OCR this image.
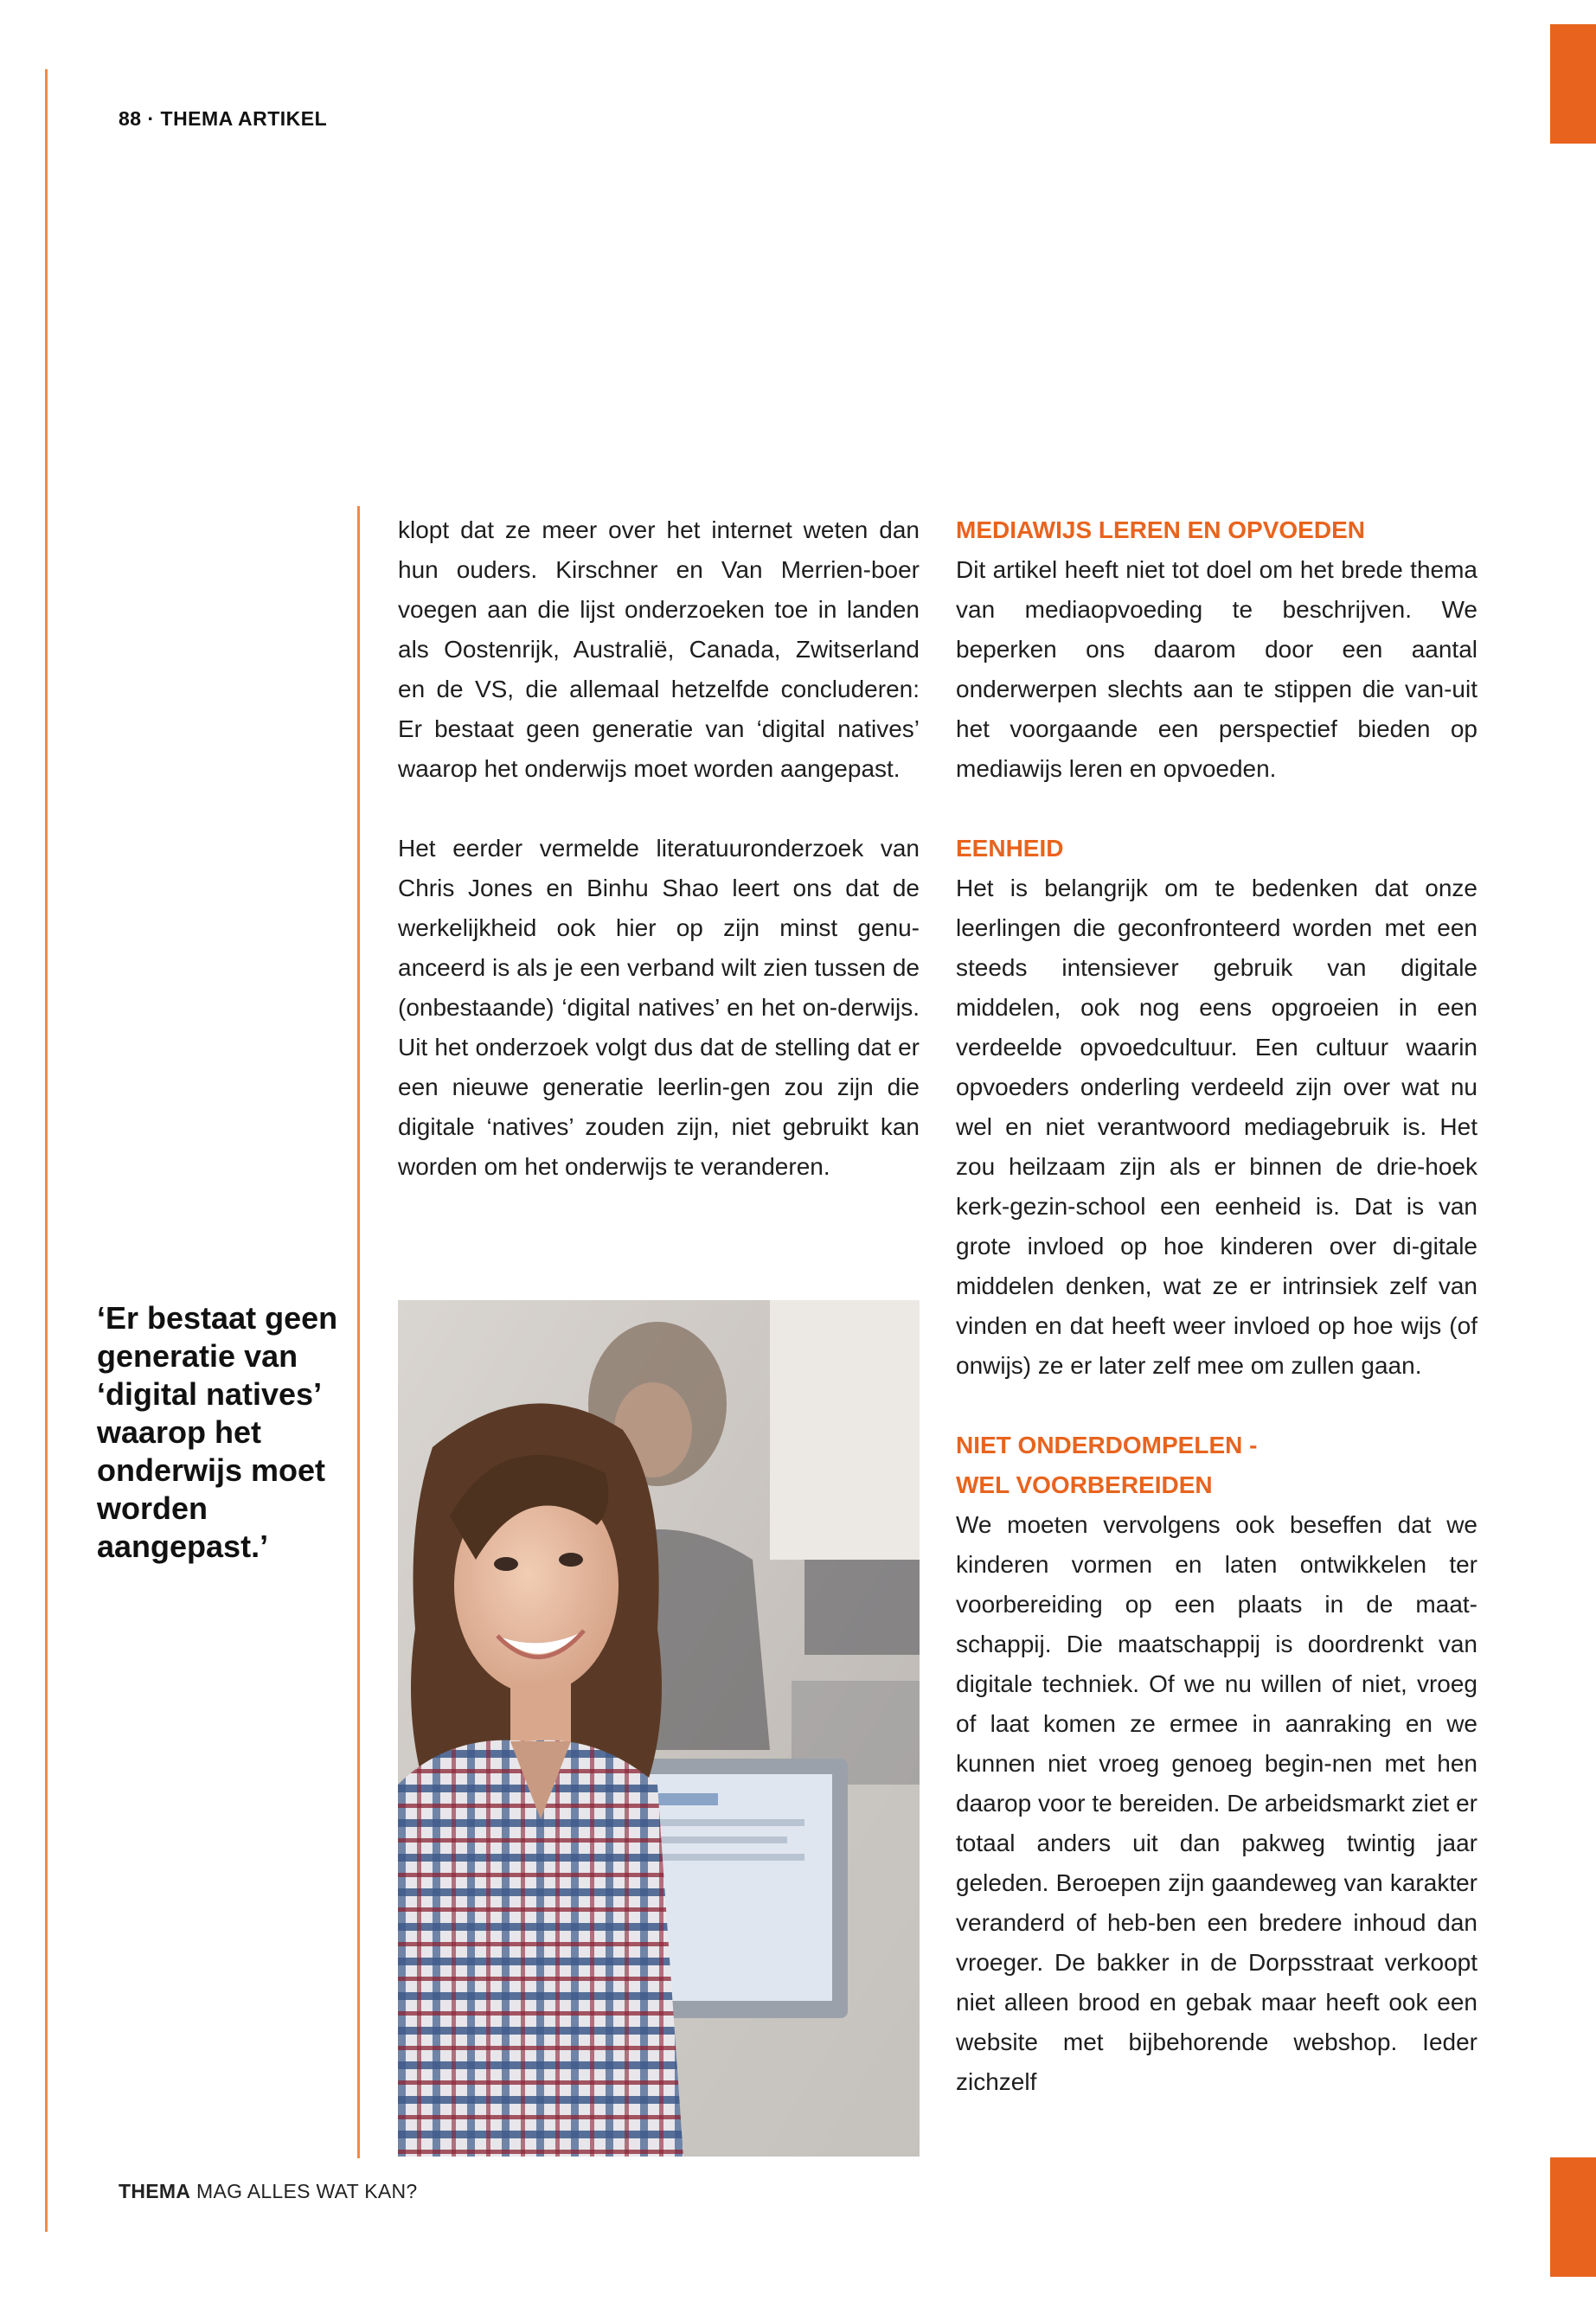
88 · THEMA ARTIKEL
‘Er bestaat geen generatie van ‘digital natives’ waarop het onderwijs moet worden aangepast.’

klopt dat ze meer over het internet weten dan hun ouders. Kirschner en Van Merrien-boer voegen aan die lijst onderzoeken toe in landen als Oostenrijk, Australië, Canada, Zwitserland en de VS, die allemaal hetzelfde concluderen: Er bestaat geen generatie van ‘digital natives’ waarop het onderwijs moet worden aangepast.

Het eerder vermelde literatuuronderzoek van Chris Jones en Binhu Shao leert ons dat de werkelijkheid ook hier op zijn minst genu-anceerd is als je een verband wilt zien tussen de (onbestaande) ‘digital natives’ en het on-derwijs. Uit het onderzoek volgt dus dat de stelling dat er een nieuwe generatie leerlin-gen zou zijn die digitale ‘natives’ zouden zijn, niet gebruikt kan worden om het onderwijs te veranderen.

MEDIAWIJS LEREN EN OPVOEDEN

Dit artikel heeft niet tot doel om het brede thema van mediaopvoeding te beschrijven. We beperken ons daarom door een aantal onderwerpen slechts aan te stippen die van-uit het voorgaande een perspectief bieden op mediawijs leren en opvoeden.

EENHEID

Het is belangrijk om te bedenken dat onze leerlingen die geconfronteerd worden met een steeds intensiever gebruik van digitale middelen, ook nog eens opgroeien in een verdeelde opvoedcultuur. Een cultuur waarin opvoeders onderling verdeeld zijn over wat nu wel en niet verantwoord mediagebruik is. Het zou heilzaam zijn als er binnen de drie-hoek kerk-gezin-school een eenheid is. Dat is van grote invloed op hoe kinderen over di-gitale middelen denken, wat ze er intrinsiek zelf van vinden en dat heeft weer invloed op hoe wijs (of onwijs) ze er later zelf mee om zullen gaan.

NIET ONDERDOMPELEN -
WEL VOORBEREIDEN

We moeten vervolgens ook beseffen dat we kinderen vormen en laten ontwikkelen ter voorbereiding op een plaats in de maat-schappij. Die maatschappij is doordrenkt van digitale techniek. Of we nu willen of niet, vroeg of laat komen ze ermee in aanraking en we kunnen niet vroeg genoeg begin-nen met hen daarop voor te bereiden. De arbeidsmarkt ziet er totaal anders uit dan pakweg twintig jaar geleden. Beroepen zijn gaandeweg van karakter veranderd of heb-ben een bredere inhoud dan vroeger. De bakker in de Dorpsstraat verkoopt niet alleen brood en gebak maar heeft ook een website met bijbehorende webshop. Ieder zichzelf

THEMA MAG ALLES WAT KAN?
